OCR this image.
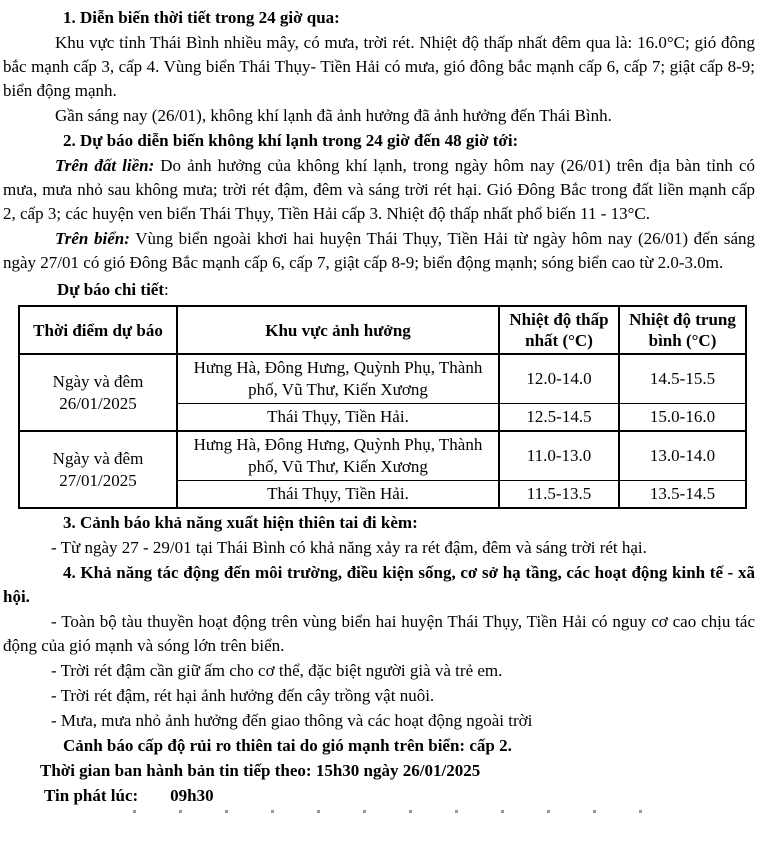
1. Diễn biến thời tiết trong 24 giờ qua:

Khu vực tỉnh Thái Bình nhiều mây, có mưa, trời rét. Nhiệt độ thấp nhất đêm qua là: 16.0°C; gió đông bắc mạnh cấp 3, cấp 4. Vùng biển Thái Thụy- Tiền Hải có mưa, gió đông bắc mạnh cấp 6, cấp 7; giật cấp 8-9; biển động mạnh.

Gần sáng nay (26/01), không khí lạnh đã ảnh hưởng đã ảnh hưởng đến Thái Bình.

2. Dự báo diễn biến không khí lạnh trong 24 giờ đến 48 giờ tới:

Trên đất liền: Do ảnh hưởng của không khí lạnh, trong ngày hôm nay (26/01) trên địa bàn tỉnh có mưa, mưa nhỏ sau không mưa; trời rét đậm, đêm và sáng trời rét hại. Gió Đông Bắc trong đất liền mạnh cấp 2, cấp 3; các huyện ven biển Thái Thụy, Tiền Hải cấp 3. Nhiệt độ thấp nhất phổ biến 11 - 13°C.

Trên biển: Vùng biển ngoài khơi hai huyện Thái Thụy, Tiền Hải từ ngày hôm nay (26/01) đến sáng ngày 27/01 có gió Đông Bắc mạnh cấp 6, cấp 7, giật cấp 8-9; biển động mạnh; sóng biển cao từ 2.0-3.0m.

Dự báo chi tiết:

Thời điểm dự báo	Khu vực ảnh hưởng	Nhiệt độ thấp nhất (°C)	Nhiệt độ trung bình (°C)
Ngày và đêm 26/01/2025	Hưng Hà, Đông Hưng, Quỳnh Phụ, Thành phố, Vũ Thư, Kiến Xương	12.0-14.0	14.5-15.5
	Thái Thụy, Tiền Hải.	12.5-14.5	15.0-16.0
Ngày và đêm 27/01/2025	Hưng Hà, Đông Hưng, Quỳnh Phụ, Thành phố, Vũ Thư, Kiến Xương	11.0-13.0	13.0-14.0
	Thái Thụy, Tiền Hải.	11.5-13.5	13.5-14.5

3. Cảnh báo khả năng xuất hiện thiên tai đi kèm:

- Từ ngày 27 - 29/01 tại Thái Bình có khả năng xảy ra rét đậm, đêm và sáng trời rét hại.

4. Khả năng tác động đến môi trường, điều kiện sống, cơ sở hạ tầng, các hoạt động kinh tế - xã hội.

- Toàn bộ tàu thuyền hoạt động trên vùng biển hai huyện Thái Thụy, Tiền Hải có nguy cơ cao chịu tác động của gió mạnh và sóng lớn trên biển.

- Trời rét đậm cần giữ ấm cho cơ thể, đặc biệt người già và trẻ em.

- Trời rét đậm, rét hại ảnh hưởng đến cây trồng vật nuôi.

- Mưa, mưa nhỏ ảnh hưởng đến giao thông và các hoạt động ngoài trời

Cảnh báo cấp độ rủi ro thiên tai do gió mạnh trên biển: cấp 2.

Thời gian ban hành bản tin tiếp theo: 15h30 ngày 26/01/2025

Tin phát lúc: 09h30
